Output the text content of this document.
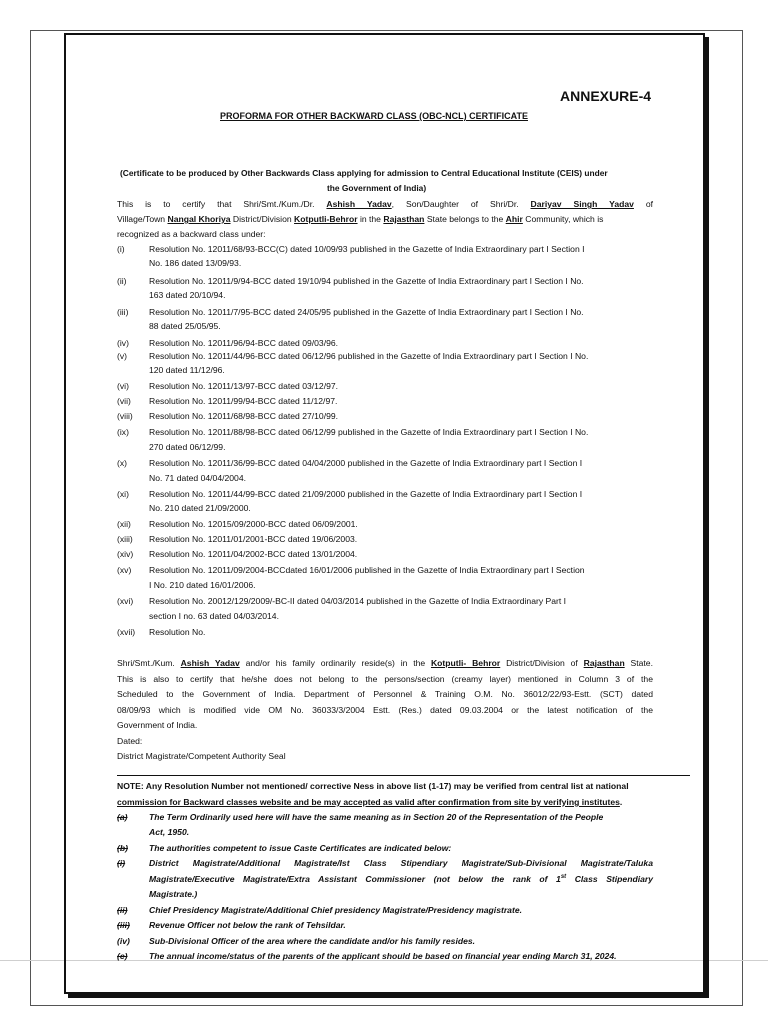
ANNEXURE-4
PROFORMA FOR OTHER BACKWARD CLASS (OBC-NCL) CERTIFICATE
(Certificate to be produced by Other Backwards Class applying for admission to Central Educational Institute (CEIS) under
the Government of India)
This is to certify that Shri/Smt./Kum./Dr. Ashish Yadav, Son/Daughter of Shri/Dr. Dariyav Singh Yadav of
Village/Town Nangal Khoriya District/Division Kotputli-Behror in the Rajasthan State belongs to the Ahir Community, which is
recognized as a backward class under:
(i)	Resolution No. 12011/68/93-BCC(C) dated 10/09/93 published in the Gazette of India Extraordinary part I Section I
No. 186 dated 13/09/93.
(ii)	Resolution No. 12011/9/94-BCC dated 19/10/94 published in the Gazette of India Extraordinary part I Section I No.
163 dated 20/10/94.
(iii) Resolution No. 12011/7/95-BCC dated 24/05/95 published in the Gazette of India Extraordinary part I Section I No.
88 dated 25/05/95.
(iv) Resolution No. 12011/96/94-BCC dated 09/03/96.
(v)	Resolution No. 12011/44/96-BCC dated 06/12/96 published in the Gazette of India Extraordinary part I Section I No.
120 dated 11/12/96.
(vi) Resolution No. 12011/13/97-BCC dated 03/12/97.
(vii) Resolution No. 12011/99/94-BCC dated 11/12/97.
(viii) Resolution No. 12011/68/98-BCC dated 27/10/99.
(ix) Resolution No. 12011/88/98-BCC dated 06/12/99 published in the Gazette of India Extraordinary part I Section I No.
270 dated 06/12/99.
(x)	Resolution No. 12011/36/99-BCC dated 04/04/2000 published in the Gazette of India Extraordinary part I Section I
No. 71 dated 04/04/2004.
(xi) Resolution No. 12011/44/99-BCC dated 21/09/2000 published in the Gazette of India Extraordinary part I Section I
No. 210 dated 21/09/2000.
(xii) Resolution No. 12015/09/2000-BCC dated 06/09/2001.
(xiii) Resolution No. 12011/01/2001-BCC dated 19/06/2003.
(xiv) Resolution No. 12011/04/2002-BCC dated 13/01/2004.
(xv) Resolution No. 12011/09/2004-BCCdated 16/01/2006 published in the Gazette of India Extraordinary part I Section
I No. 210 dated 16/01/2006.
(xvi) Resolution No. 20012/129/2009/-BC-II dated 04/03/2014 published in the Gazette of India Extraordinary Part I
section I no. 63 dated 04/03/2014.
(xvii) Resolution No.
Shri/Smt./Kum. Ashish Yadav and/or his family ordinarily reside(s) in the Kotputli- Behror District/Division of Rajasthan State.
This is also to certify that he/she does not belong to the persons/section (creamy layer) mentioned in Column 3 of the
Scheduled to the Government of India. Department of Personnel & Training O.M. No. 36012/22/93-Estt. (SCT) dated
08/09/93 which is modified vide OM No. 36033/3/2004 Estt. (Res.) dated 09.03.2004 or the latest notification of the
Government of India.
Dated:
District Magistrate/Competent Authority Seal
NOTE: Any Resolution Number not mentioned/ corrective Ness in above list (1-17) may be verified from central list at national
commission for Backward classes website and be may accepted as valid after confirmation from site by verifying institutes.
(a) The Term Ordinarily used here will have the same meaning as in Section 20 of the Representation of the People
Act, 1950.
(b) The authorities competent to issue Caste Certificates are indicated below:
(i)	District Magistrate/Additional Magistrate/Ist Class Stipendiary Magistrate/Sub-Divisional Magistrate/Taluka
Magistrate/Executive Magistrate/Extra Assistant Commissioner (not below the rank of 1st Class Stipendiary
Magistrate.)
(ii)	Chief Presidency Magistrate/Additional Chief presidency Magistrate/Presidency magistrate.
(iii) Revenue Officer not below the rank of Tehsildar.
(iv) Sub-Divisional Officer of the area where the candidate and/or his family resides.
(c) The annual income/status of the parents of the applicant should be based on financial year ending March 31, 2024.
